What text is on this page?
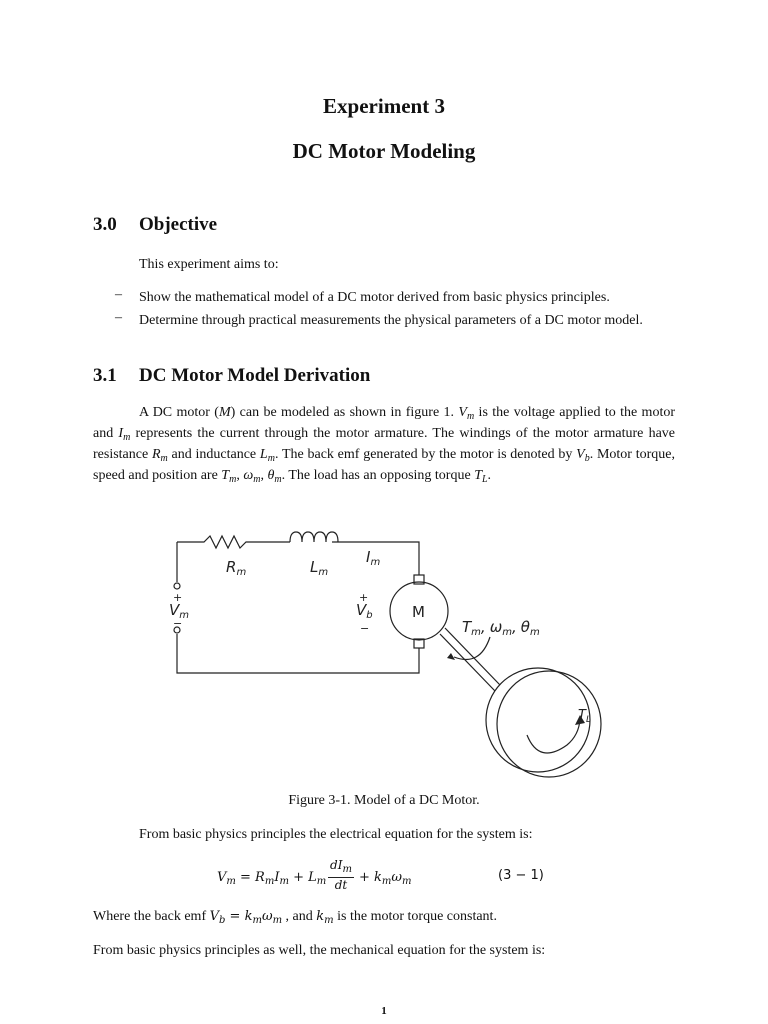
Experiment 3
DC Motor Modeling
3.0 Objective
This experiment aims to:
– Show the mathematical model of a DC motor derived from basic physics principles.
– Determine through practical measurements the physical parameters of a DC motor model.
3.1 DC Motor Model Derivation
A DC motor (M) can be modeled as shown in figure 1. $V_m$ is the voltage applied to the motor and $I_m$ represents the current through the motor armature. The windings of the motor armature have resistance $R_m$ and inductance $L_m$. The back emf generated by the motor is denoted by $V_b$. Motor torque, speed and position are $T_m$, $\omega_m$, $\theta_m$. The load has an opposing torque $T_L$.
$R_m$	$L_m$
$I_m$
+
$V_m$
−
+
$V_b$
−
M
$T_m$, $\omega_m$, $\theta_m$
$T_L$
Figure 3-1. Model of a DC Motor.
From basic physics principles the electrical equation for the system is:
$V_m = R_mI_m + L_m$
$dI_m$
dt + $k_m\omega_m$	(3 − 1)
Where the back emf $V_b = k_m\omega_m$ , and $k_m$ is the motor torque constant.
From basic physics principles as well, the mechanical equation for the system is:
1
